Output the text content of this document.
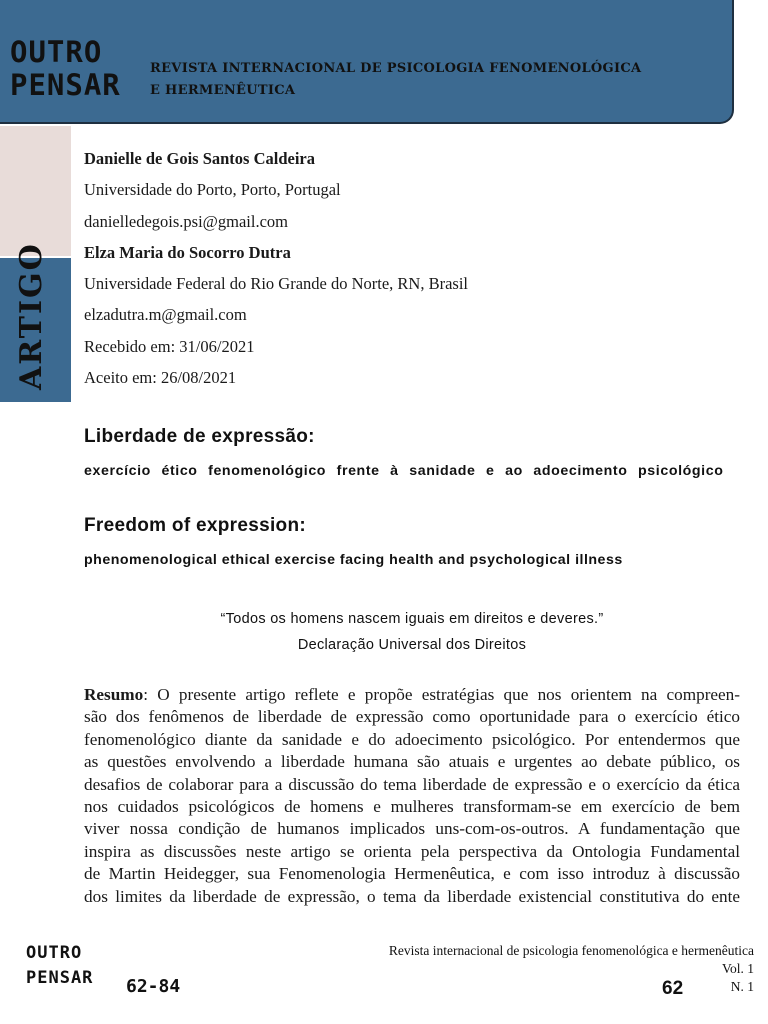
OUTRO
PENSAR REVISTA INTERNACIONAL DE PSICOLOGIA FENOMENOLÓGICA
E HERMENÊUTICA
ARTIGO
Danielle de Gois Santos Caldeira
Universidade do Porto, Porto, Portugal
danielledegois.psi@gmail.com
Elza Maria do Socorro Dutra
Universidade Federal do Rio Grande do Norte, RN, Brasil
elzadutra.m@gmail.com
Recebido em: 31/06/2021
Aceito em: 26/08/2021
Liberdade de expressão:
exercício ético fenomenológico frente à sanidade e ao adoecimento psicológico
Freedom of expression:
phenomenological ethical exercise facing health and psychological illness
“Todos os homens nascem iguais em direitos e deveres.”
Declaração Universal dos Direitos
Resumo: O presente artigo reflete e propõe estratégias que nos orientem na compreen-
são dos fenômenos de liberdade de expressão como oportunidade para o exercício ético
fenomenológico diante da sanidade e do adoecimento psicológico. Por entendermos que
as questões envolvendo a liberdade humana são atuais e urgentes ao debate público, os
desafios de colaborar para a discussão do tema liberdade de expressão e o exercício da ética
nos cuidados psicológicos de homens e mulheres transformam-se em exercício de bem
viver nossa condição de humanos implicados uns-com-os-outros. A fundamentação que
inspira as discussões neste artigo se orienta pela perspectiva da Ontologia Fundamental
de Martin Heidegger, sua Fenomenologia Hermenêutica, e com isso introduz à discussão
dos limites da liberdade de expressão, o tema da liberdade existencial constitutiva do ente
OUTRO
PENSAR 62-84
Revista internacional de psicologia fenomenológica e hermenêutica
Vol. 1
N. 1
62
